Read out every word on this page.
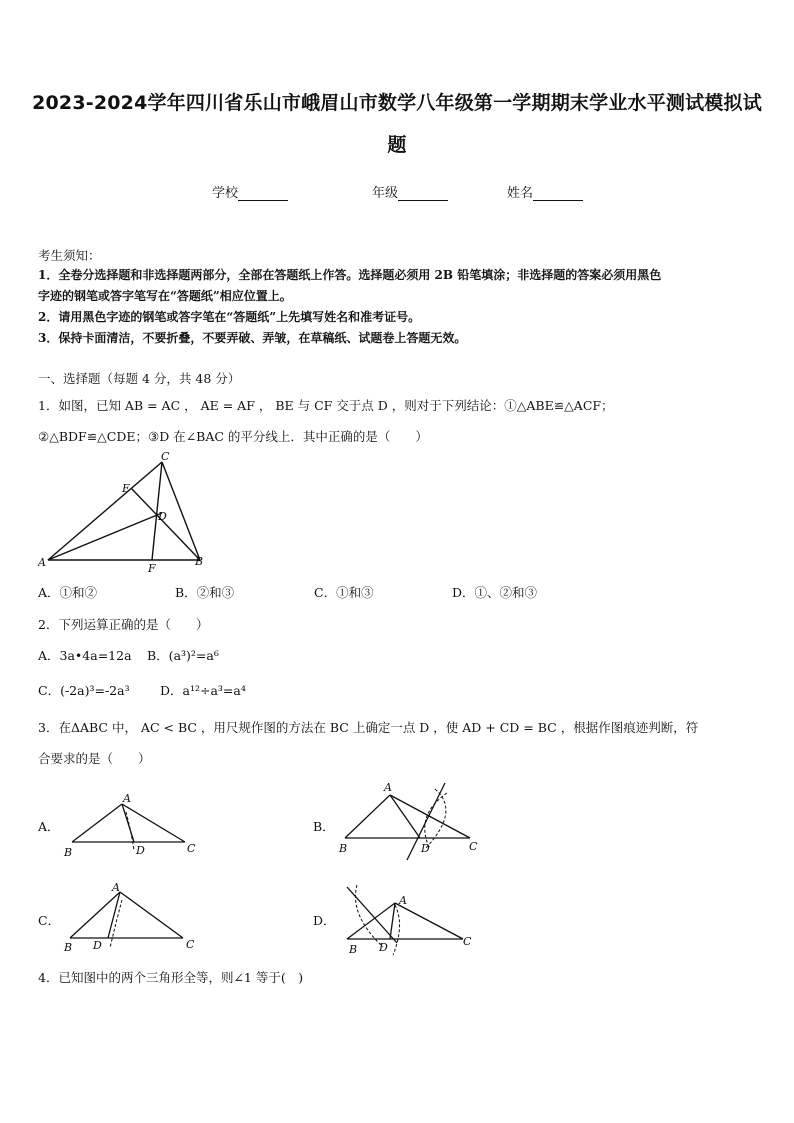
2023-2024学年四川省乐山市峨眉山市数学八年级第一学期期末学业水平测试模拟试
题
学校	年级	姓名
考生须知：
1．全卷分选择题和非选择题两部分，全部在答题纸上作答。选择题必须用 2B 铅笔填涂；非选择题的答案必须用黑色
字迹的钢笔或答字笔写在“答题纸”相应位置上。
2．请用黑色字迹的钢笔或答字笔在“答题纸”上先填写姓名和准考证号。
3．保持卡面清洁，不要折叠，不要弄破、弄皱，在草稿纸、试题卷上答题无效。
一、选择题（每题 4 分，共 48 分）
1．如图，已知 AB = AC ， AE = AF ， BE 与 CF 交于点 D ，则对于下列结论：①△ABE≌△ACF；
②△BDF≌△CDE；③D 在∠BAC 的平分线上．其中正确的是（　　）
C
E
D
A	B
F
A．①和②	B．②和③	C．①和③	D．①、②和③
2．下列运算正确的是（　　）
A．3a•4a=12a B．(a³)²=a⁶
C．(-2a)³=-2a³ D．a¹²÷a³=a⁴
3．在ΔABC 中， AC < BC ，用尺规作图的方法在 BC 上确定一点 D ，使 AD + CD = BC ，根据作图痕迹判断，符
合要求的是（　　）
A．
A
B	D	C
B．
A
B	D	C
C．
A
B D	C
D．
A
B D	C
4．已知图中的两个三角形全等，则∠1 等于(　)
